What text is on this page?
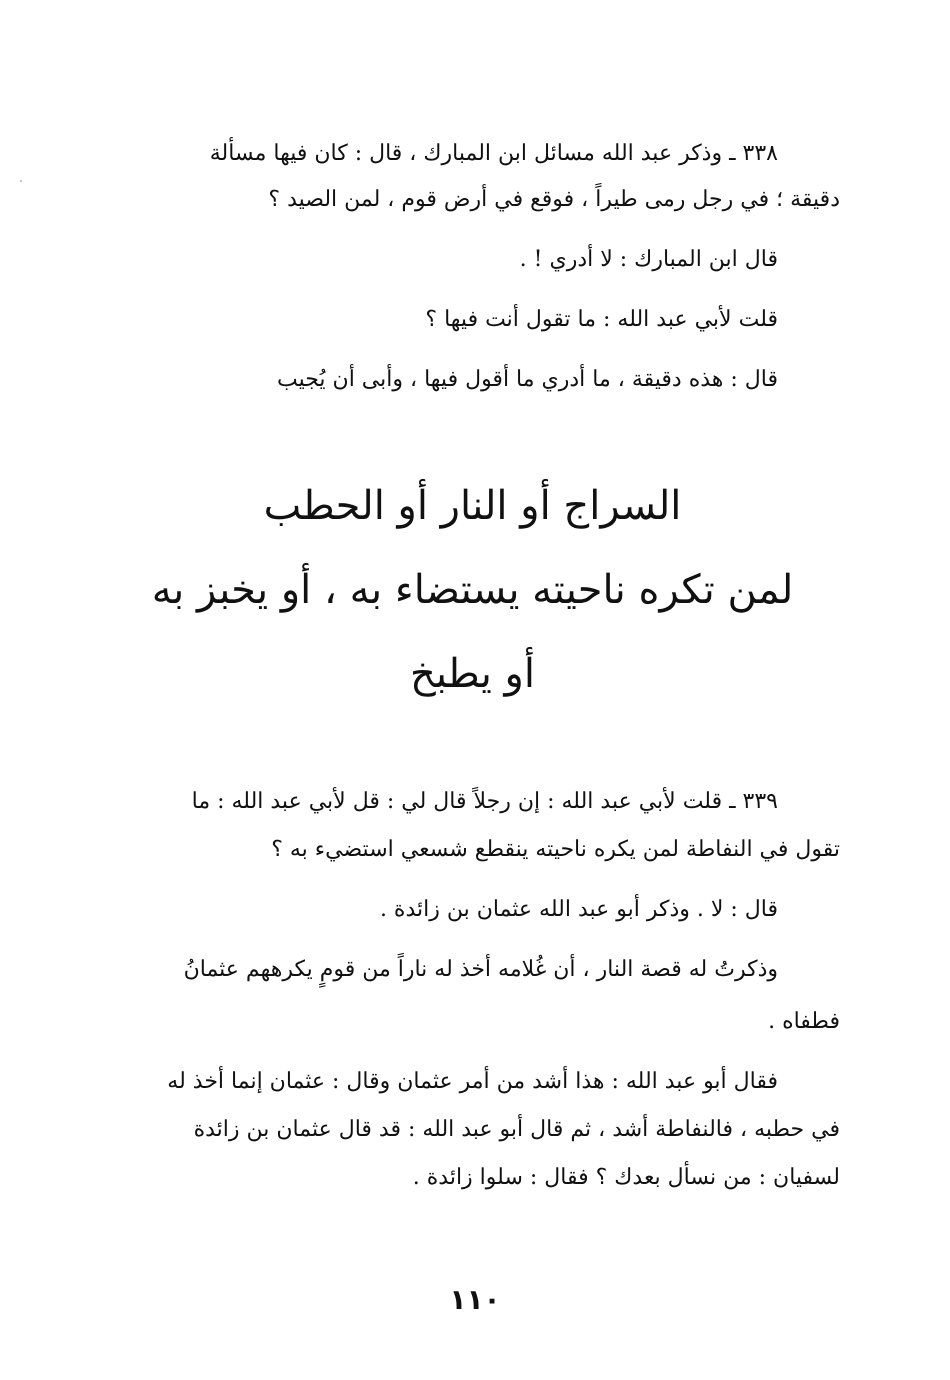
٣٣٨ ـ وذكر عبد الله مسائل ابن المبارك ، قال : كان فيها مسألة
دقيقة ؛ في رجل رمى طيراً ، فوقع في أرض قوم ، لمن الصيد ؟
قال ابن المبارك : لا أدري ! .
قلت لأبي عبد الله : ما تقول أنت فيها ؟
قال : هذه دقيقة ، ما أدري ما أقول فيها ، وأبى أن يُجيب
السراج أو النار أو الحطب
لمن تكره ناحيته يستضاء به ، أو يخبز به
أو يطبخ
٣٣٩ ـ قلت لأبي عبد الله : إن رجلاً قال لي : قل لأبي عبد الله : ما
تقول في النفاطة لمن يكره ناحيته ينقطع شسعي استضيء به ؟
قال : لا . وذكر أبو عبد الله عثمان بن زائدة .
وذكرتُ له قصة النار ، أن غُلامه أخذ له ناراً من قومٍ يكرههم عثمانُ
فطفاه .
فقال أبو عبد الله : هذا أشد من أمر عثمان وقال : عثمان إنما أخذ له
في حطبه ، فالنفاطة أشد ، ثم قال أبو عبد الله : قد قال عثمان بن زائدة
لسفيان : من نسأل بعدك ؟ فقال : سلوا زائدة .
١١٠
